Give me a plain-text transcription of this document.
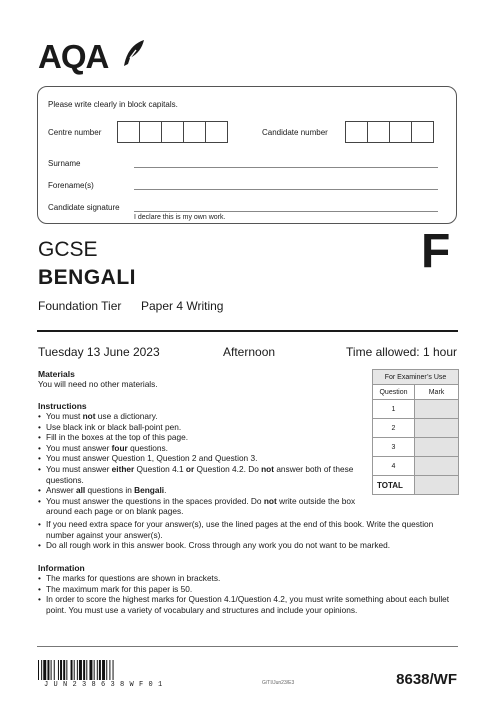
AQA
Please write clearly in block capitals.
Centre number	Candidate number
Surname
Forename(s)
Candidate signature
I declare this is my own work.
GCSE
BENGALI
Foundation Tier Paper 4 Writing
F
Tuesday 13 June 2023	Afternoon	Time allowed: 1 hour
For Examiner’s Use	
Question	Mark
1	
2	
3	
4	
TOTAL	
Materials
You will need no other materials.
Instructions
• You must not use a dictionary.
• Use black ink or black ball-point pen.
• Fill in the boxes at the top of this page.
• You must answer four questions.
• You must answer Question 1, Question 2 and Question 3.
• You must answer either Question 4.1 or Question 4.2. Do not answer both of these questions.
• Answer all questions in Bengali.
• You must answer the questions in the spaces provided. Do not write outside the box around each page or on blank pages.
• If you need extra space for your answer(s), use the lined pages at the end of this book. Write the question number against your answer(s).
• Do all rough work in this answer book. Cross through any work you do not want to be marked.
Information
• The marks for questions are shown in brackets.
• The maximum mark for this paper is 50.
• In order to score the highest marks for Question 4.1/Question 4.2, you must write something about each bullet point. You must use a variety of vocabulary and structures and include your opinions.
JUN238638WF01	G/TI/Jun23/E3	8638/WF
